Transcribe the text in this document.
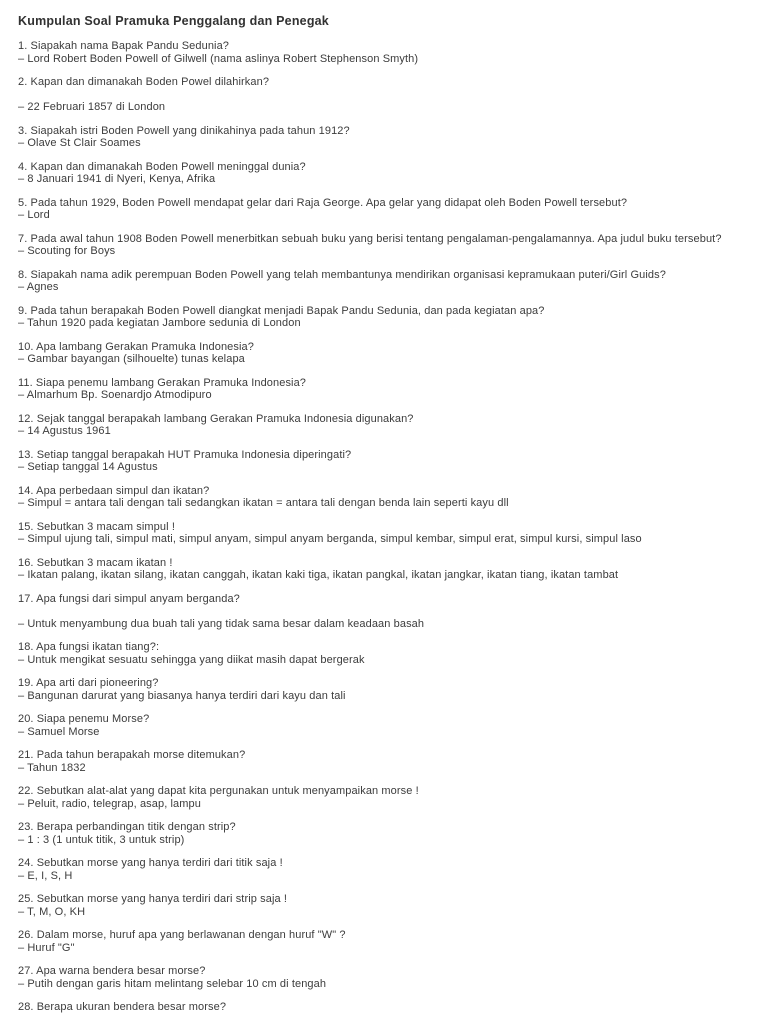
Kumpulan Soal Pramuka Penggalang dan Penegak
1. Siapakah nama Bapak Pandu Sedunia?
– Lord Robert Boden Powell of Gilwell (nama aslinya Robert Stephenson Smyth)
2. Kapan dan dimanakah Boden Powel dilahirkan?
– 22 Februari 1857 di London
3. Siapakah istri Boden Powell yang dinikahinya pada tahun 1912?
– Olave St Clair Soames
4. Kapan dan dimanakah Boden Powell meninggal dunia?
– 8 Januari 1941 di Nyeri, Kenya, Afrika
5. Pada tahun 1929, Boden Powell mendapat gelar dari Raja George. Apa gelar yang didapat oleh Boden Powell tersebut?
– Lord
7. Pada awal tahun 1908 Boden Powell menerbitkan sebuah buku yang berisi tentang pengalaman-pengalamannya. Apa judul buku tersebut?
– Scouting for Boys
8. Siapakah nama adik perempuan Boden Powell yang telah membantunya mendirikan organisasi kepramukaan puteri/Girl Guids?
– Agnes
9. Pada tahun berapakah Boden Powell diangkat menjadi Bapak Pandu Sedunia, dan pada kegiatan apa?
– Tahun 1920 pada kegiatan Jambore sedunia di London
10. Apa lambang Gerakan Pramuka Indonesia?
– Gambar bayangan (silhouelte) tunas kelapa
11. Siapa penemu lambang Gerakan Pramuka Indonesia?
– Almarhum Bp. Soenardjo Atmodipuro
12. Sejak tanggal berapakah lambang Gerakan Pramuka Indonesia digunakan?
– 14 Agustus 1961
13. Setiap tanggal berapakah HUT Pramuka Indonesia diperingati?
– Setiap tanggal 14 Agustus
14. Apa perbedaan simpul dan ikatan?
– Simpul = antara tali dengan tali sedangkan ikatan = antara tali dengan benda lain seperti kayu dll
15. Sebutkan 3 macam simpul !
– Simpul ujung tali, simpul mati, simpul anyam, simpul anyam berganda, simpul kembar, simpul erat, simpul kursi, simpul laso
16. Sebutkan 3 macam ikatan !
– Ikatan palang, ikatan silang, ikatan canggah, ikatan kaki tiga, ikatan pangkal, ikatan jangkar, ikatan tiang, ikatan tambat
17. Apa fungsi dari simpul anyam berganda?
– Untuk menyambung dua buah tali yang tidak sama besar dalam keadaan basah
18. Apa fungsi ikatan tiang?:
– Untuk mengikat sesuatu sehingga yang diikat masih dapat bergerak
19. Apa arti dari pioneering?
– Bangunan darurat yang biasanya hanya terdiri dari kayu dan tali
20. Siapa penemu Morse?
– Samuel Morse
21. Pada tahun berapakah morse ditemukan?
– Tahun 1832
22. Sebutkan alat-alat yang dapat kita pergunakan untuk menyampaikan morse !
– Peluit, radio, telegrap, asap, lampu
23. Berapa perbandingan titik dengan strip?
– 1 : 3 (1 untuk titik, 3 untuk strip)
24. Sebutkan morse yang hanya terdiri dari titik saja !
– E, I, S, H
25. Sebutkan morse yang hanya terdiri dari strip saja !
– T, M, O, KH
26. Dalam morse, huruf apa yang berlawanan dengan huruf "W" ?
– Huruf "G"
27. Apa warna bendera besar morse?
– Putih dengan garis hitam melintang selebar 10 cm di tengah
28. Berapa ukuran bendera besar morse?
